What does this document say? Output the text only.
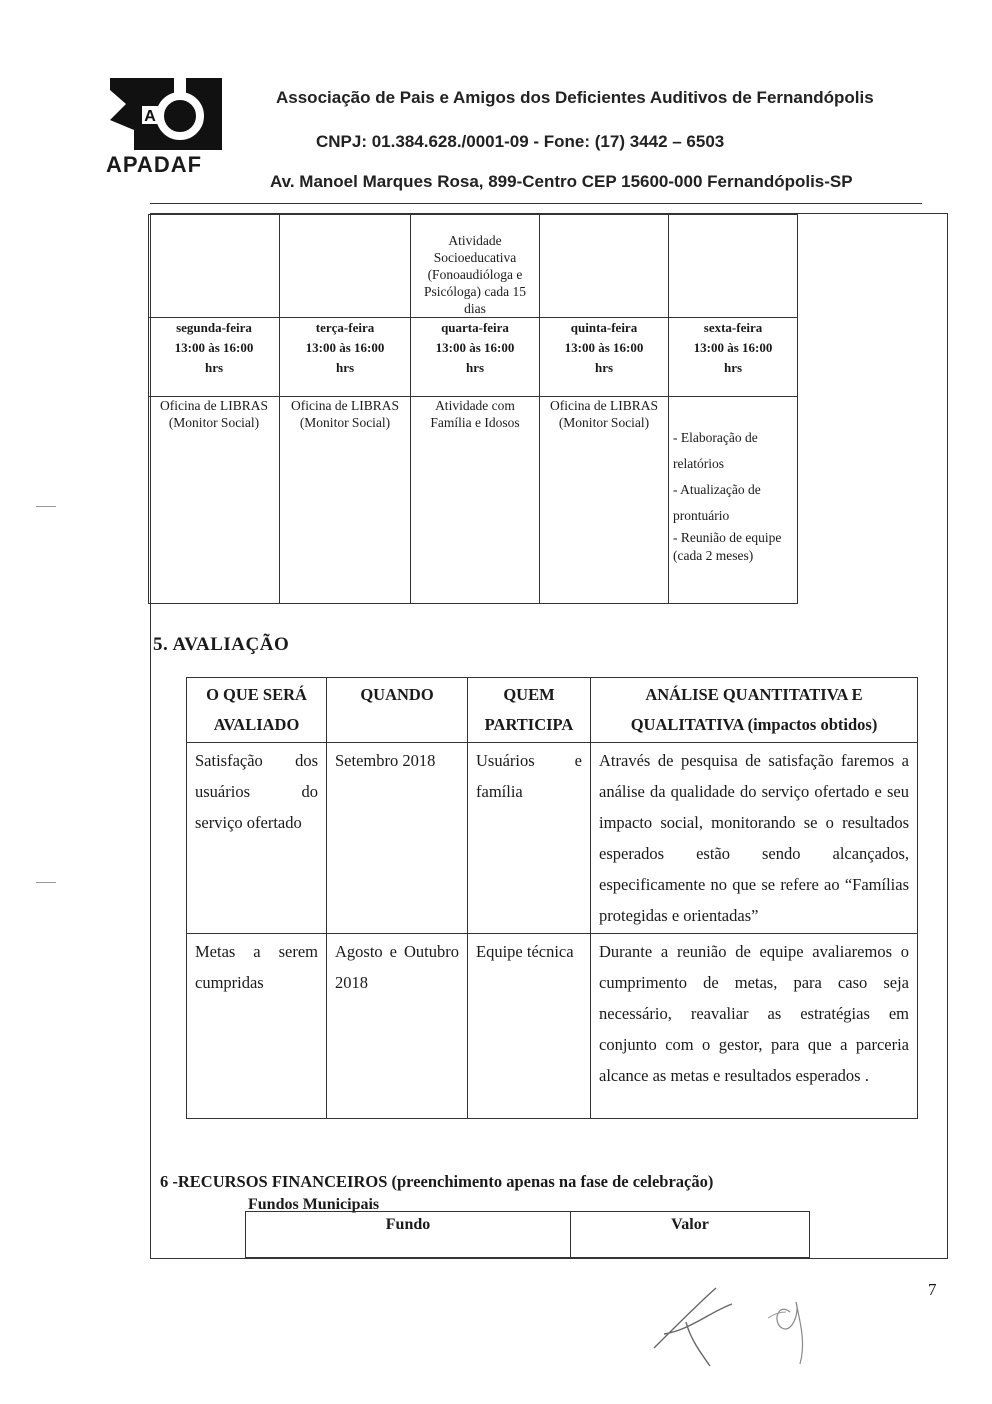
A
APADAF
Associação de Pais e Amigos dos Deficientes Auditivos de Fernandópolis
CNPJ: 01.384.628./0001-09 - Fone: (17) 3442 – 6503
Av. Manoel Marques Rosa, 899-Centro CEP 15600-000 Fernandópolis-SP
		Atividade Socioeducativa (Fonoaudióloga e Psicóloga) cada 15 dias		
segunda-feira
13:00 às 16:00
hrs	terça-feira
13:00 às 16:00
hrs	quarta-feira
13:00 às 16:00
hrs	quinta-feira
13:00 às 16:00
hrs	sexta-feira
13:00 às 16:00
hrs
Oficina de LIBRAS (Monitor Social)	Oficina de LIBRAS (Monitor Social)	Atividade com Família e Idosos	Oficina de LIBRAS (Monitor Social)	- Elaboração de relatórios
- Atualização de prontuário
- Reunião de equipe (cada 2 meses)
5. AVALIAÇÃO
O QUE SERÁ AVALIADO	QUANDO	QUEM PARTICIPA	ANÁLISE QUANTITATIVA E QUALITATIVA (impactos obtidos)
Satisfação dos usuários do serviço ofertado	Setembro 2018	Usuários e família	Através de pesquisa de satisfação faremos a análise da qualidade do serviço ofertado e seu impacto social, monitorando se o resultados esperados estão sendo alcançados, especificamente no que se refere ao “Famílias protegidas e orientadas”
Metas a serem cumpridas	Agosto e Outubro 2018	Equipe técnica	Durante a reunião de equipe avaliaremos o cumprimento de metas, para caso seja necessário, reavaliar as estratégias em conjunto com o gestor, para que a parceria alcance as metas e resultados esperados .
6 -RECURSOS FINANCEIROS (preenchimento apenas na fase de celebração)
Fundos Municipais
Fundo	Valor
7
